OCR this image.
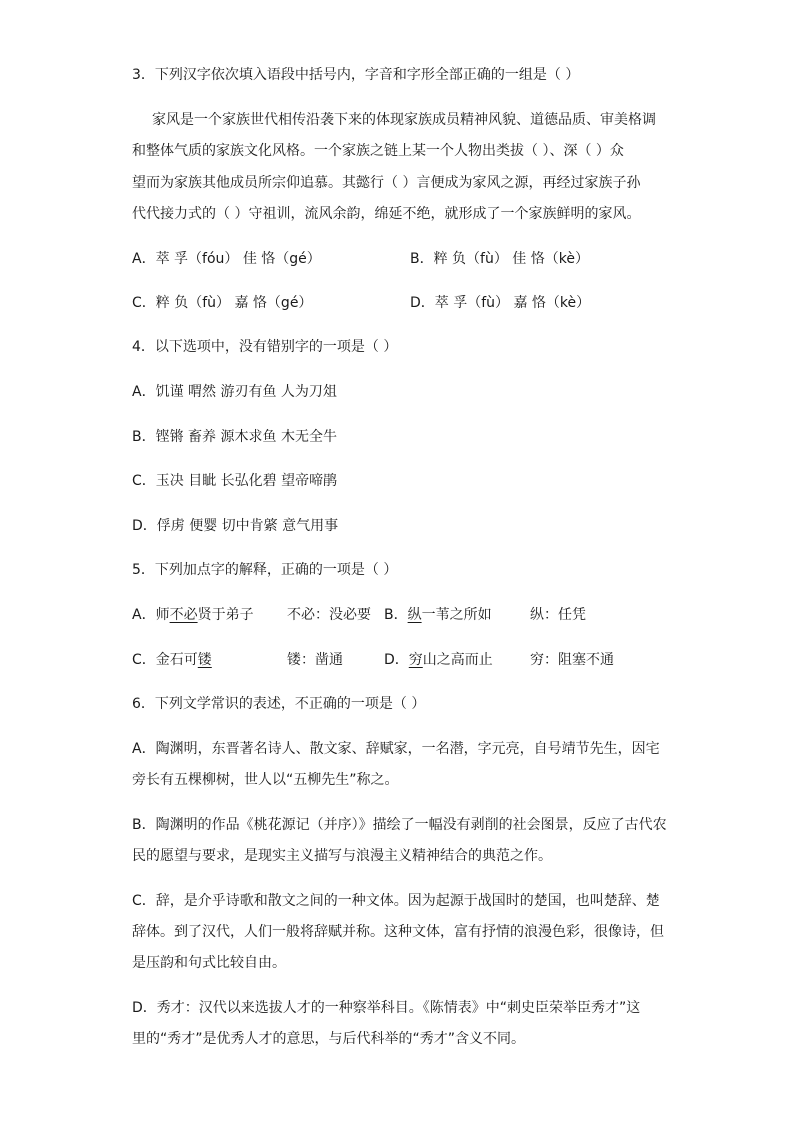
3．下列汉字依次填入语段中括号内，字音和字形全部正确的一组是（ ）
家风是一个家族世代相传沿袭下来的体现家族成员精神风貌、道德品质、审美格调
和整体气质的家族文化风格。一个家族之链上某一个人物出类拔（ ）、深（ ）众
望而为家族其他成员所宗仰追慕。其懿行（ ）言便成为家风之源，再经过家族子孙
代代接力式的（ ）守祖训，流风余韵，绵延不绝，就形成了一个家族鲜明的家风。
A．萃 孚（fóu） 佳 恪（gé）	B．粹 负（fù） 佳 恪（kè）
C．粹 负（fù） 嘉 恪（gé）	D．萃 孚（fù） 嘉 恪（kè）
4．以下选项中，没有错别字的一项是（ ）
A．饥谨 喟然 游刃有鱼 人为刀俎
B．铿锵 畜养 源木求鱼 木无全牛
C．玉决 目眦 长弘化碧 望帝啼鹃
D．俘虏 便婴 切中肯綮 意气用事
5．下列加点字的解释，正确的一项是（ ）
A．师不必贤于弟子 不必：没必要 B．纵一苇之所如	纵：任凭
C．金石可镂	镂：凿通	D．穷山之高而止	穷：阻塞不通
6．下列文学常识的表述，不正确的一项是（ ）
A．陶渊明，东晋著名诗人、散文家、辞赋家，一名潜，字元亮，自号靖节先生，因宅
旁长有五棵柳树，世人以“五柳先生”称之。
B．陶渊明的作品《桃花源记（并序）》描绘了一幅没有剥削的社会图景，反应了古代农
民的愿望与要求，是现实主义描写与浪漫主义精神结合的典范之作。
C．辞，是介乎诗歌和散文之间的一种文体。因为起源于战国时的楚国，也叫楚辞、楚
辞体。到了汉代，人们一般将辞赋并称。这种文体，富有抒情的浪漫色彩，很像诗，但
是压韵和句式比较自由。
D．秀才：汉代以来选拔人才的一种察举科目。《陈情表》中“刺史臣荣举臣秀才”这
里的“秀才”是优秀人才的意思，与后代科举的“秀才”含义不同。
